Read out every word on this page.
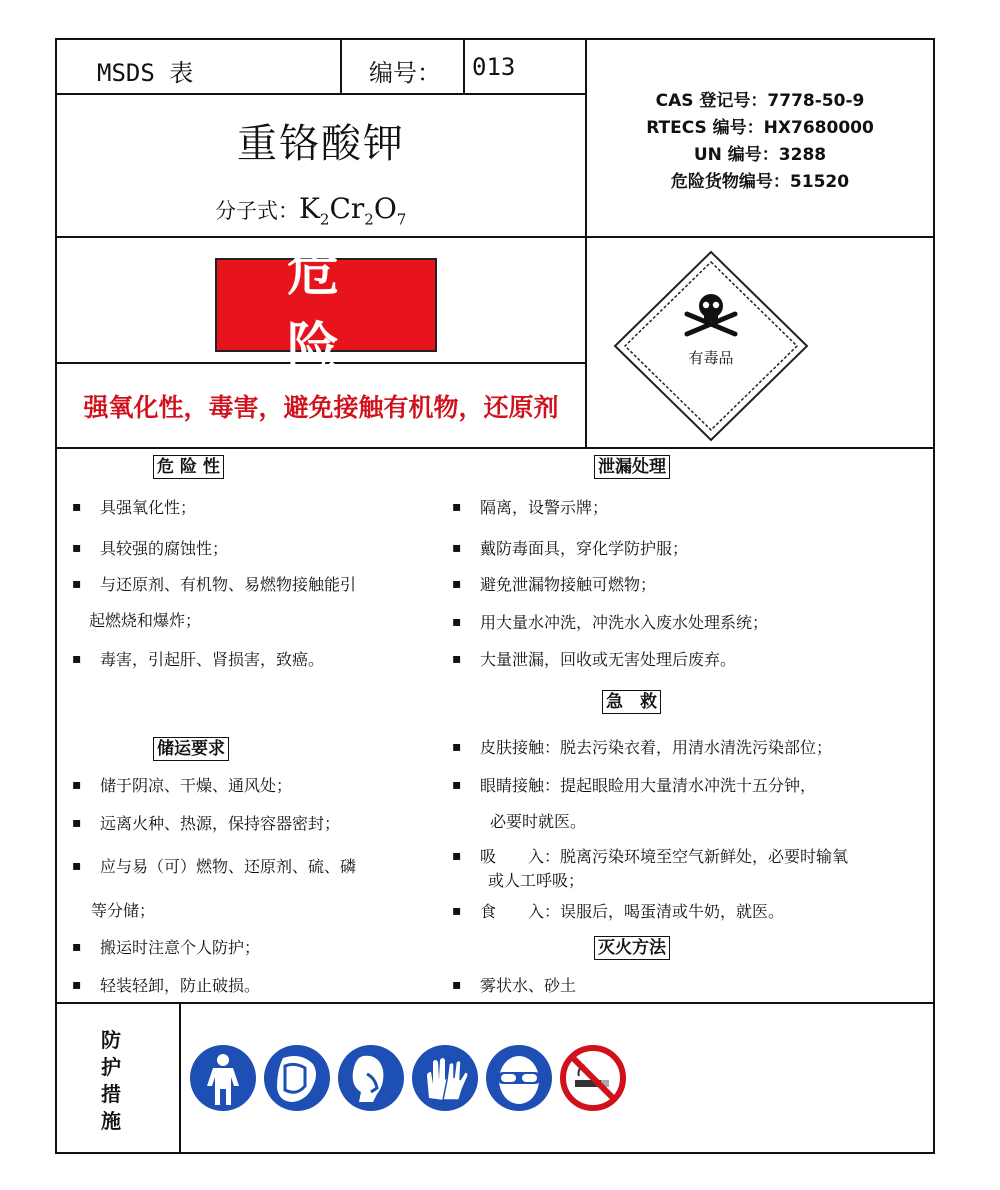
MSDS 表	编号： 013
重铬酸钾
分子式：$K_2Cr_2O_7$
CAS 登记号：7778-50-9
RTECS 编号：HX7680000
UN 编号：3288
危险货物编号：51520
危险
强氧化性，毒害，避免接触有机物，还原剂
有毒品
危 险 性
▪ 具强氧化性；
▪ 具较强的腐蚀性；
▪ 与还原剂、有机物、易燃物接触能引
起燃烧和爆炸；
▪ 毒害，引起肝、肾损害，致癌。
储运要求
▪ 储于阴凉、干燥、通风处；
▪ 远离火种、热源，保持容器密封；
▪ 应与易（可）燃物、还原剂、硫、磷
等分储；
▪ 搬运时注意个人防护；
▪ 轻装轻卸，防止破损。
泄漏处理
▪ 隔离，设警示牌；
▪ 戴防毒面具，穿化学防护服；
▪ 避免泄漏物接触可燃物；
▪ 用大量水冲洗，冲洗水入废水处理系统；
▪ 大量泄漏，回收或无害处理后废弃。
急　救
▪ 皮肤接触：脱去污染衣着，用清水清洗污染部位；
▪ 眼睛接触：提起眼睑用大量清水冲洗十五分钟，
必要时就医。
▪ 吸　　入：脱离污染环境至空气新鲜处，必要时输氧
或人工呼吸；
▪ 食　　入：误服后，喝蛋清或牛奶，就医。
灭火方法
▪ 雾状水、砂土
防
护
措
施
